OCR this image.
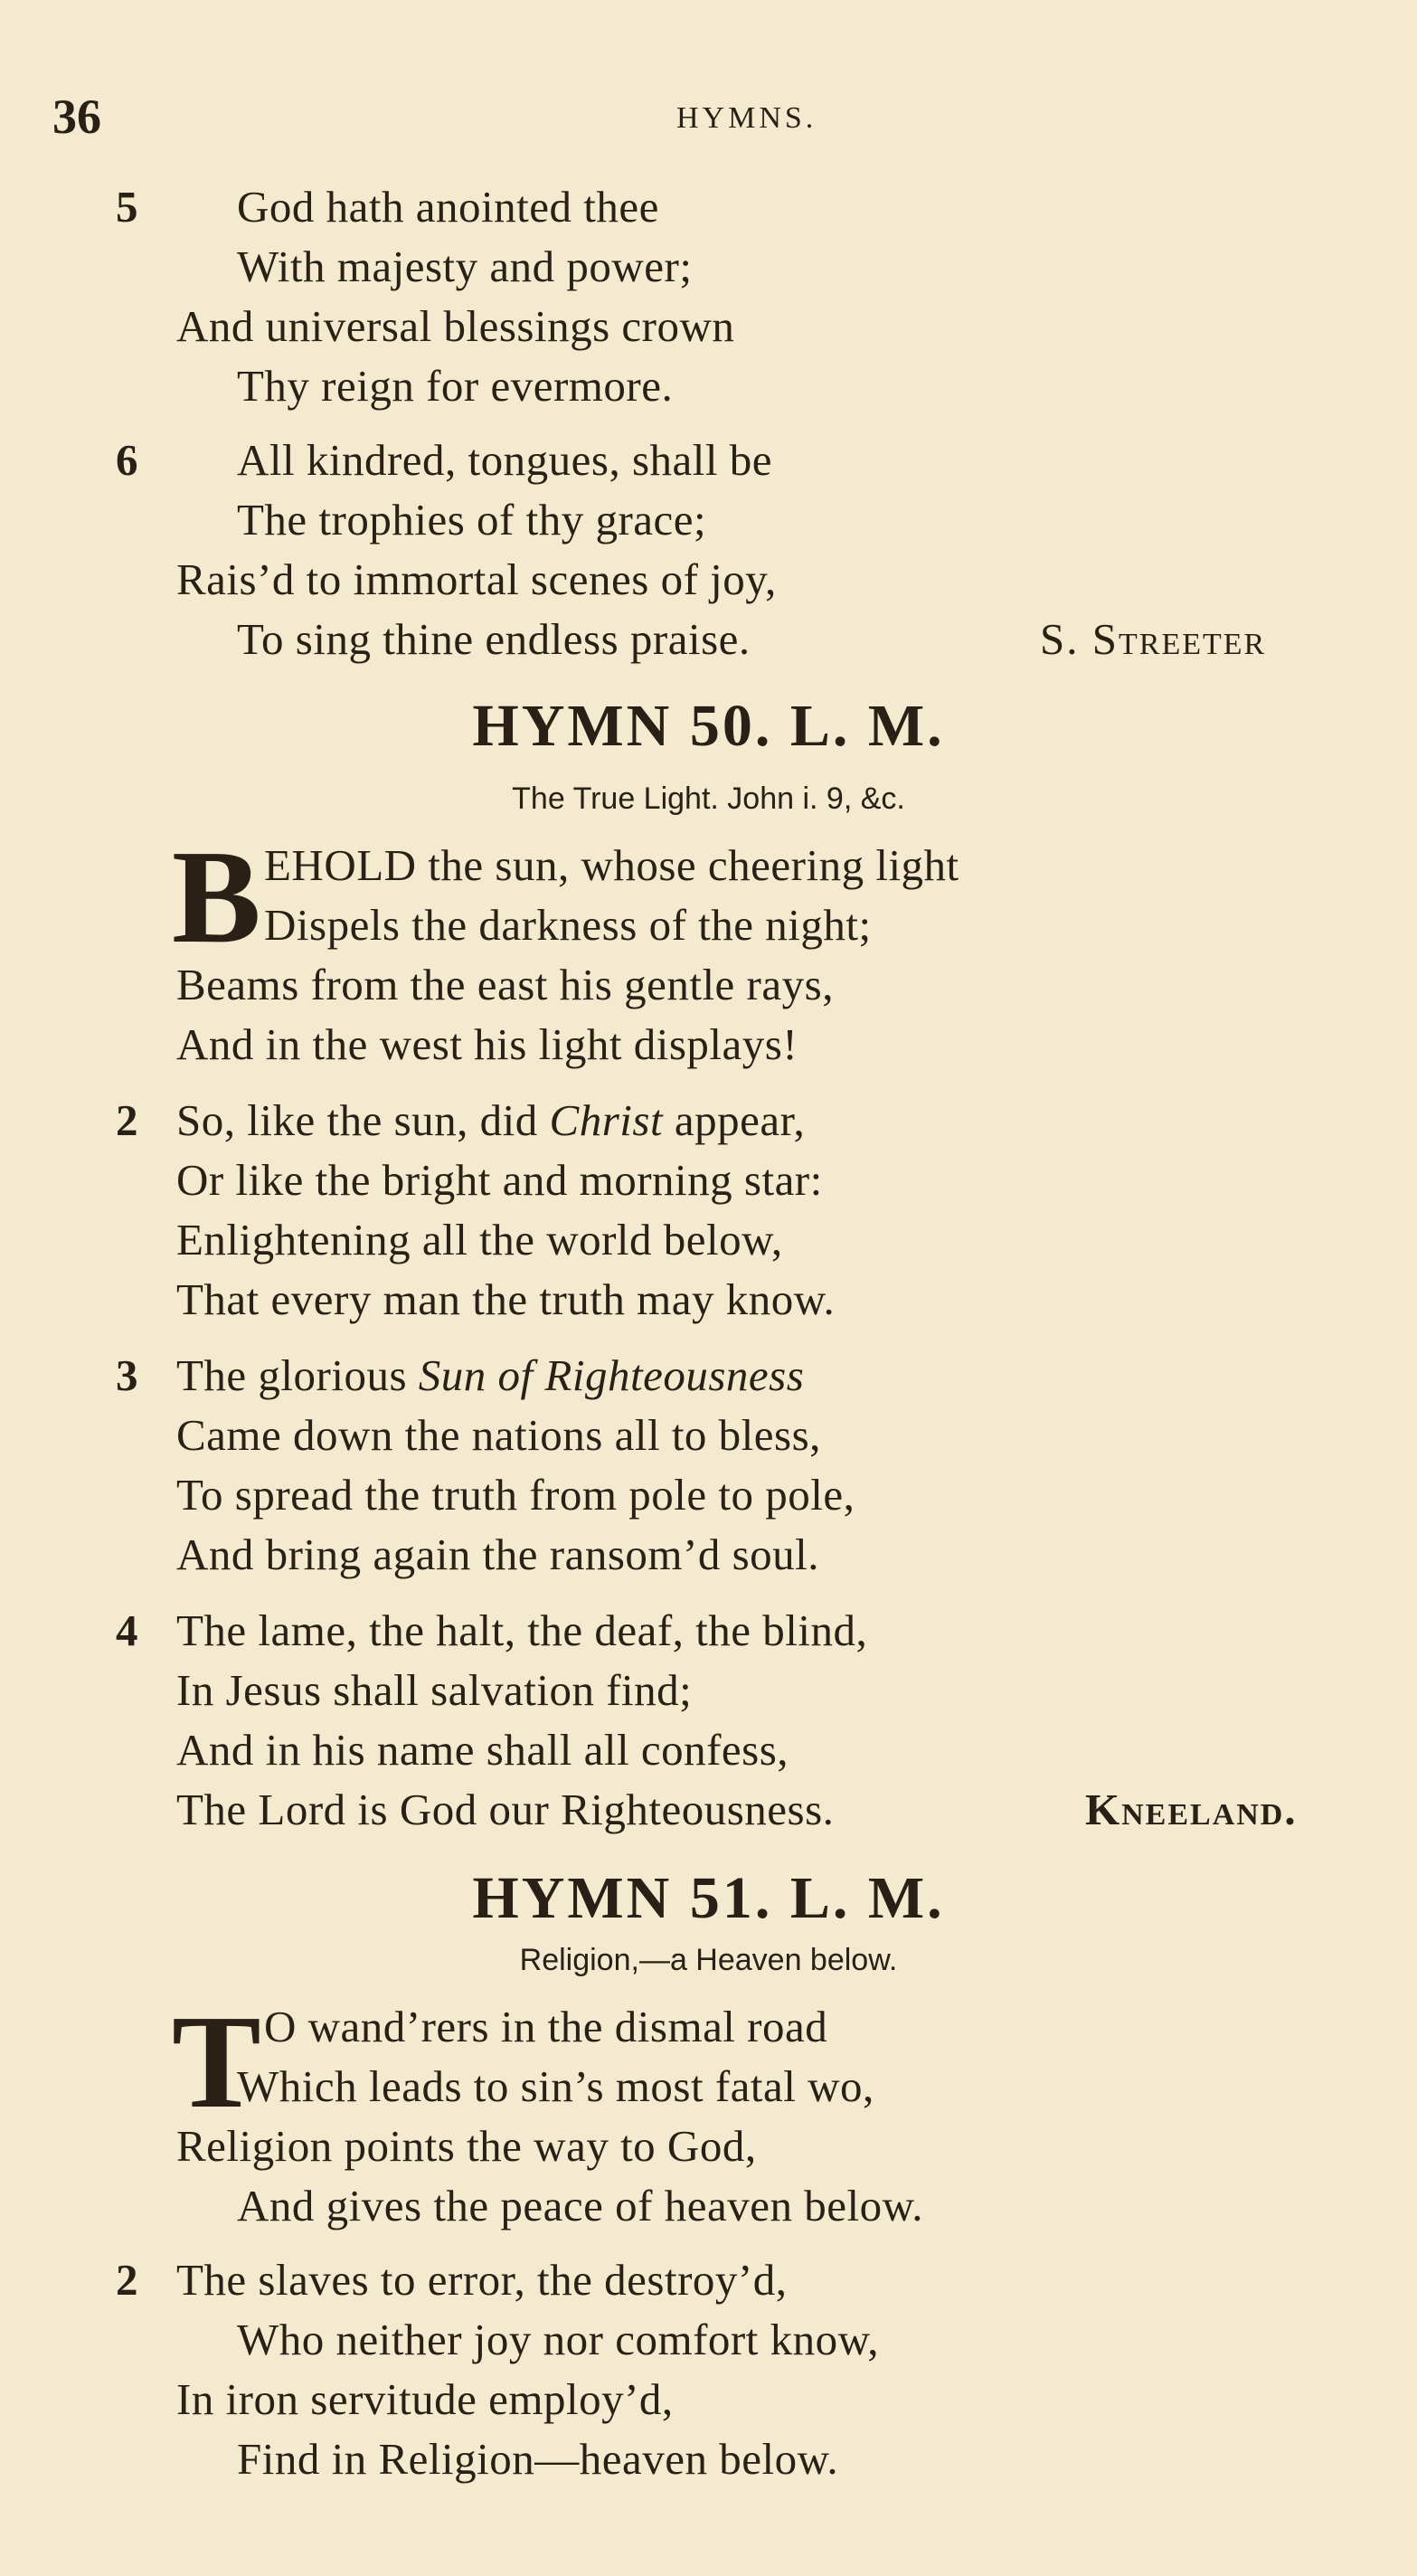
36	HYMNS.
5 God hath anointed thee
With majesty and power;
And universal blessings crown
Thy reign for evermore.
6 All kindred, tongues, shall be
The trophies of thy grace;
Rais’d to immortal scenes of joy,
To sing thine endless praise.	S. Streeter
HYMN 50. L. M.
The True Light. John i. 9, &c.
B EHOLD the sun, whose cheering light
Dispels the darkness of the night;
Beams from the east his gentle rays,
And in the west his light displays!
2 So, like the sun, did Christ appear,
Or like the bright and morning star:
Enlightening all the world below,
That every man the truth may know.
3 The glorious Sun of Righteousness
Came down the nations all to bless,
To spread the truth from pole to pole,
And bring again the ransom’d soul.
4 The lame, the halt, the deaf, the blind,
In Jesus shall salvation find;
And in his name shall all confess,
The Lord is God our Righteousness.	Kneeland.
HYMN 51. L. M.
Religion,—a Heaven below.
T O wand’rers in the dismal road
Which leads to sin’s most fatal wo,
Religion points the way to God,
And gives the peace of heaven below.
2 The slaves to error, the destroy’d,
Who neither joy nor comfort know,
In iron servitude employ’d,
Find in Religion—heaven below.
